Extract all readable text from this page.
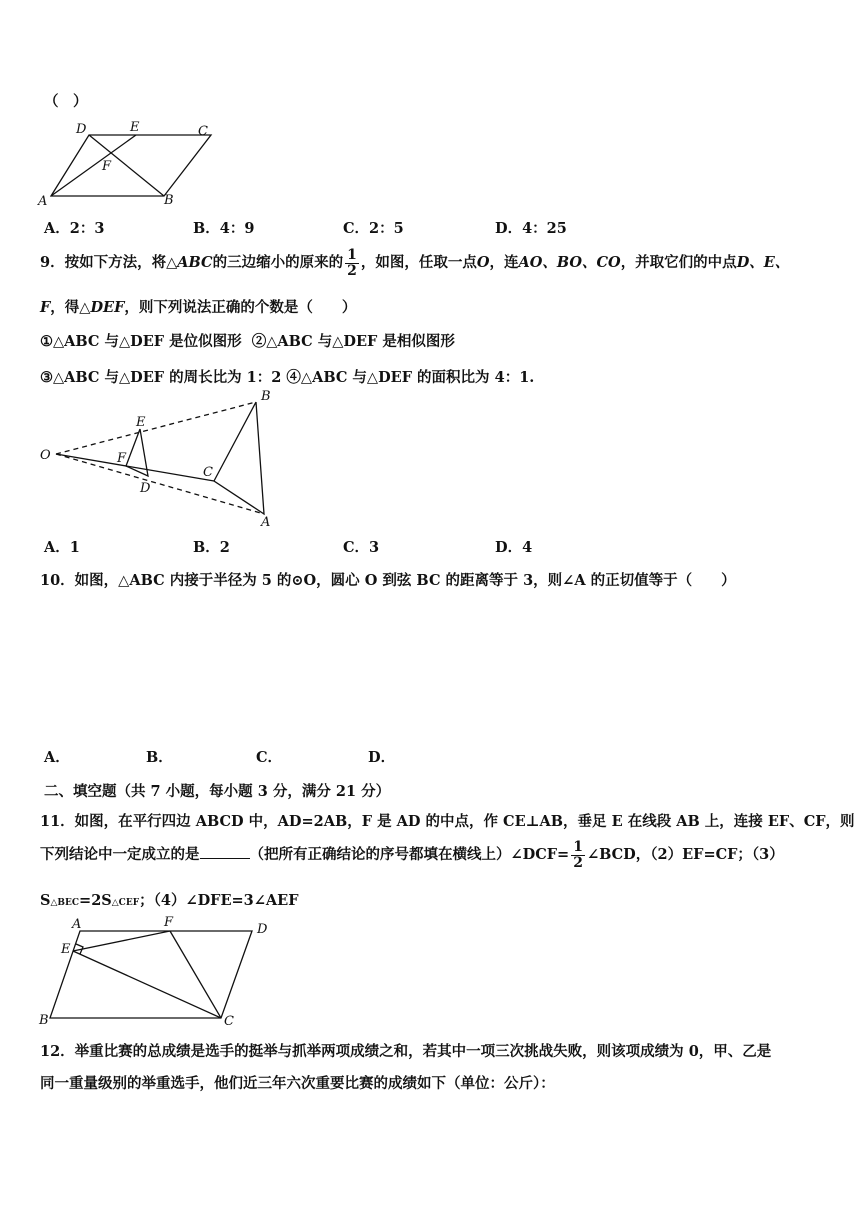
（　）
D	E	C
F
A	B
A．2：3	B．4：9	C．2：5	D．4：25
9．按如下方法，将△ABC的三边缩小的原来的 $\frac{1}{2}$ ，如图，任取一点O，连AO、BO、CO，并取它们的中点D、E、
F，得△DEF，则下列说法正确的个数是（　　）
①△ABC 与△DEF 是位似图形 ②△ABC 与△DEF 是相似图形
③△ABC 与△DEF 的周长比为 1：2 ④△ABC 与△DEF 的面积比为 4：1.
O
B
E
F
C
D
A
A．1	B．2	C．3	D．4
10．如图，△ABC 内接于半径为 5 的⊙O，圆心 O 到弦 BC 的距离等于 3，则∠A 的正切值等于（　　）
A．	B．	C．	D．
二、填空题（共 7 小题，每小题 3 分，满分 21 分）
11．如图，在平行四边 ABCD 中，AD=2AB，F 是 AD 的中点，作 CE⊥AB，垂足 E 在线段 AB 上，连接 EF、CF，则
下列结论中一定成立的是	（把所有正确结论的序号都填在横线上）∠DCF= $\frac{1}{2}$ ∠BCD，（2）EF=CF；（3）
S△BEC=2S△CEF；（4）∠DFE=3∠AEF
A	F	D
E
B	C
12．举重比赛的总成绩是选手的挺举与抓举两项成绩之和，若其中一项三次挑战失败，则该项成绩为 0，甲、乙是
同一重量级别的举重选手，他们近三年六次重要比赛的成绩如下（单位：公斤）：
